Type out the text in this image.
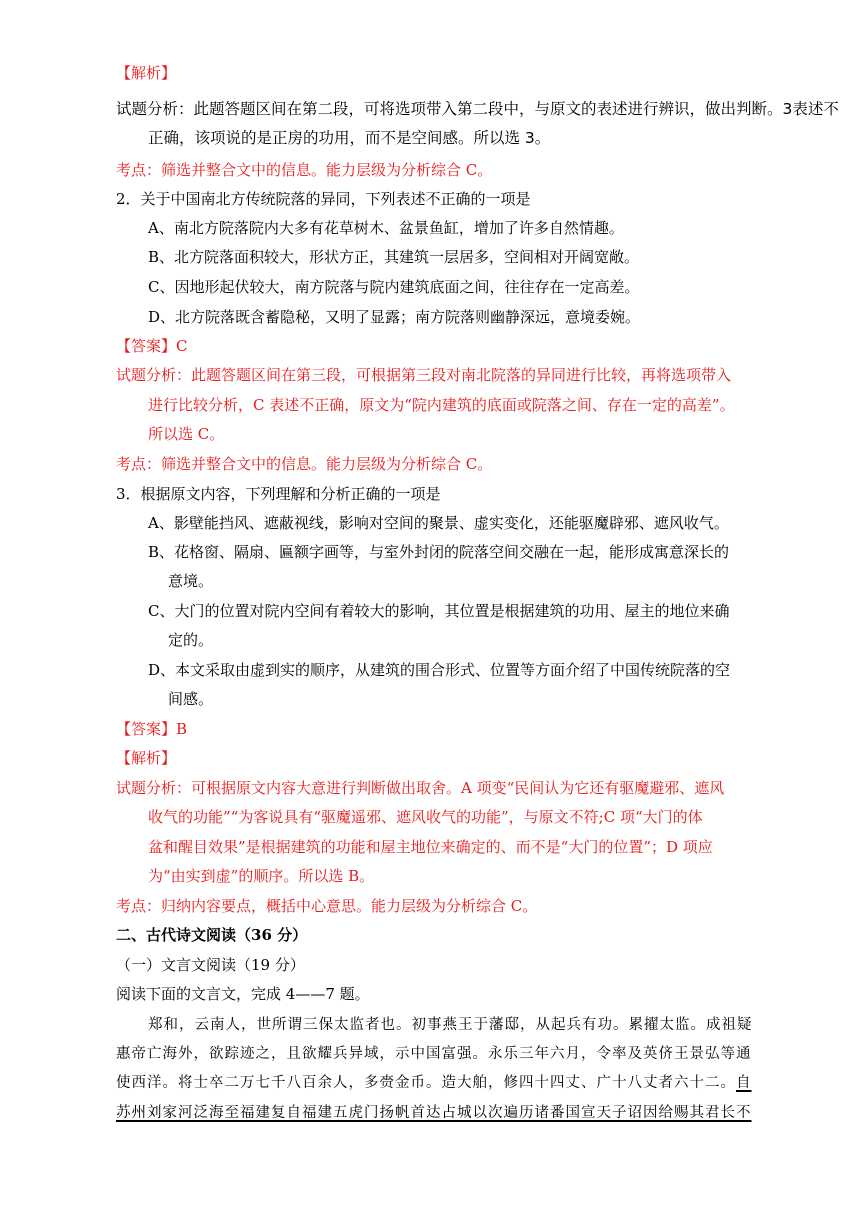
【解析】
试题分析：此题答题区间在第二段，可将选项带入第二段中，与原文的表述进行辨识，做出判断。3表述不
正确，该项说的是正房的功用，而不是空间感。所以选 3。
考点：筛选并整合文中的信息。能力层级为分析综合 C。
2．关于中国南北方传统院落的异同，下列表述不正确的一项是
A、南北方院落院内大多有花草树木、盆景鱼缸，增加了许多自然情趣。
B、北方院落面积较大，形状方正，其建筑一层居多，空间相对开阔宽敞。
C、因地形起伏较大，南方院落与院内建筑底面之间，往往存在一定高差。
D、北方院落既含蓄隐秘，又明了显露；南方院落则幽静深远，意境委婉。
【答案】C
试题分析：此题答题区间在第三段，可根据第三段对南北院落的异同进行比较，再将选项带入
进行比较分析，C 表述不正确，原文为“院内建筑的底面或院落之间、存在一定的高差”。
所以选 C。
考点：筛选并整合文中的信息。能力层级为分析综合 C。
3．根据原文内容，下列理解和分析正确的一项是
A、影壁能挡风、遮蔽视线，影响对空间的聚景、虚实变化，还能驱魔辟邪、遮风收气。
B、花格窗、隔扇、匾额字画等，与室外封闭的院落空间交融在一起，能形成寓意深长的
意境。
C、大门的位置对院内空间有着较大的影响，其位置是根据建筑的功用、屋主的地位来确
定的。
D、本文采取由虚到实的顺序，从建筑的围合形式、位置等方面介绍了中国传统院落的空
间感。
【答案】B
【解析】
试题分析：可根据原文内容大意进行判断做出取舍。A 项变“民间认为它还有驱魔避邪、遮风
收气的功能”“为客说具有“驱魔遥邪、遮风收气的功能”，与原文不符;C 项“大门的体
盆和醒目效果”是根据建筑的功能和屋主地位来确定的、而不是“大门的位置”；D 项应
为“由实到虚”的顺序。所以选 B。
考点：归纳内容要点，概括中心意思。能力层级为分析综合 C。
二、古代诗文阅读（36 分）
（一）文言文阅读（19 分）
阅读下面的文言文，完成 4——7 题。
郑和，云南人，世所谓三保太监者也。初事燕王于藩邸，从起兵有功。累擢太监。成祖疑
惠帝亡海外，欲踪迹之，且欲耀兵异域，示中国富强。永乐三年六月，令率及英侪王景弘等通
使西洋。将士卒二万七千八百余人，多赍金币。造大舶，修四十四丈、广十八丈者六十二。自
苏州刘家河泛海至福建复自福建五虎门扬帆首达占城以次遍历诸番国宣天子诏因给赐其君长不
